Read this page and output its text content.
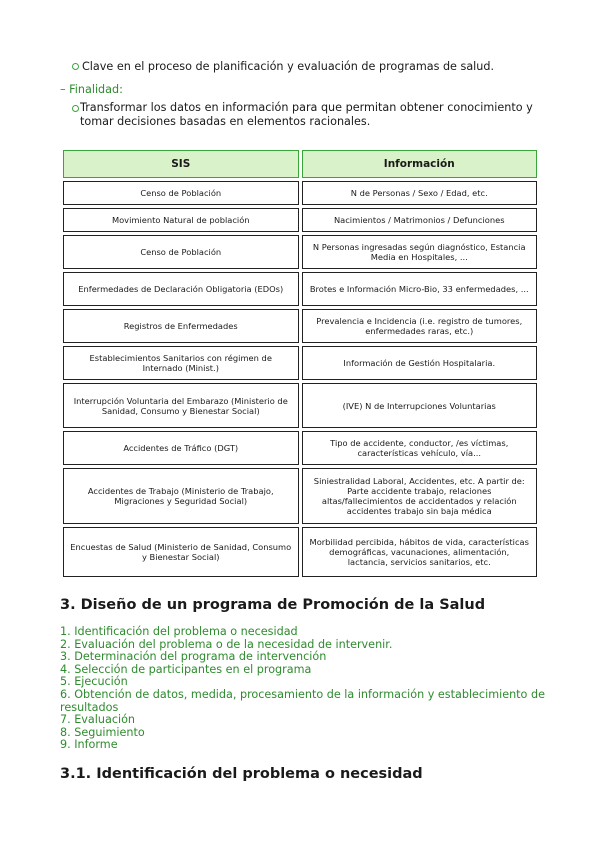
Clave en el proceso de planificación y evaluación de programas de salud.
– Finalidad:
Transformar los datos en información para que permitan obtener conocimiento y tomar decisiones basadas en elementos racionales.
SIS	Información
Censo de Población	N de Personas / Sexo / Edad, etc.
Movimiento Natural de población	Nacimientos / Matrimonios / Defunciones
Censo de Población	N Personas ingresadas según diagnóstico, Estancia Media en Hospitales, ...
Enfermedades de Declaración Obligatoria (EDOs)	Brotes e Información Micro-Bio, 33 enfermedades, ...
Registros de Enfermedades	Prevalencia e Incidencia (i.e. registro de tumores, enfermedades raras, etc.)
Establecimientos Sanitarios con régimen de Internado (Minist.)	Información de Gestión Hospitalaria.
Interrupción Voluntaria del Embarazo (Ministerio de Sanidad, Consumo y Bienestar Social)	(IVE) N de Interrupciones Voluntarias
Accidentes de Tráfico (DGT)	Tipo de accidente, conductor, /es víctimas, características vehículo, vía...
Accidentes de Trabajo (Ministerio de Trabajo, Migraciones y Seguridad Social)	Siniestralidad Laboral, Accidentes, etc. A partir de: Parte accidente trabajo, relaciones altas/fallecimientos de accidentados y relación accidentes trabajo sin baja médica
Encuestas de Salud (Ministerio de Sanidad, Consumo y Bienestar Social)	Morbilidad percibida, hábitos de vida, características demográficas, vacunaciones, alimentación, lactancia, servicios sanitarios, etc.
3. Diseño de un programa de Promoción de la Salud
1. Identificación del problema o necesidad
2. Evaluación del problema o de la necesidad de intervenir.
3. Determinación del programa de intervención
4. Selección de participantes en el programa
5. Ejecución
6. Obtención de datos, medida, procesamiento de la información y establecimiento de resultados
7. Evaluación
8. Seguimiento
9. Informe
3.1. Identificación del problema o necesidad
